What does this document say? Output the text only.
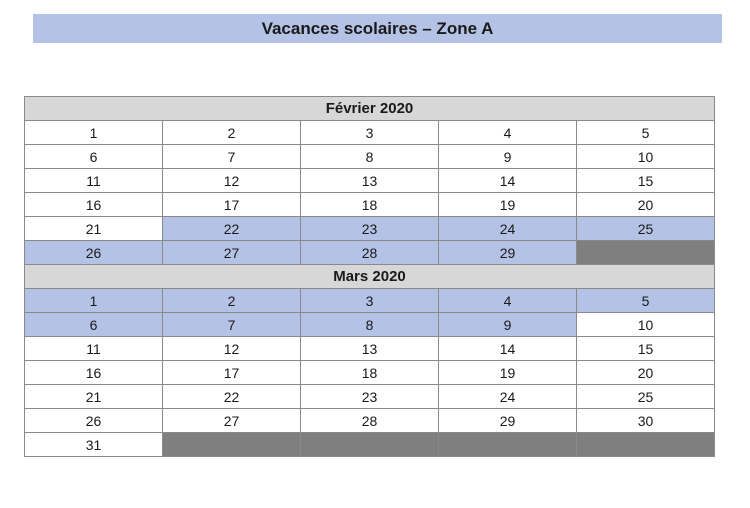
Vacances scolaires – Zone A
Février 2020				
1	2	3	4	5
6	7	8	9	10
11	12	13	14	15
16	17	18	19	20
21	22	23	24	25
26	27	28	29	
Mars 2020				
1	2	3	4	5
6	7	8	9	10
11	12	13	14	15
16	17	18	19	20
21	22	23	24	25
26	27	28	29	30
31				
